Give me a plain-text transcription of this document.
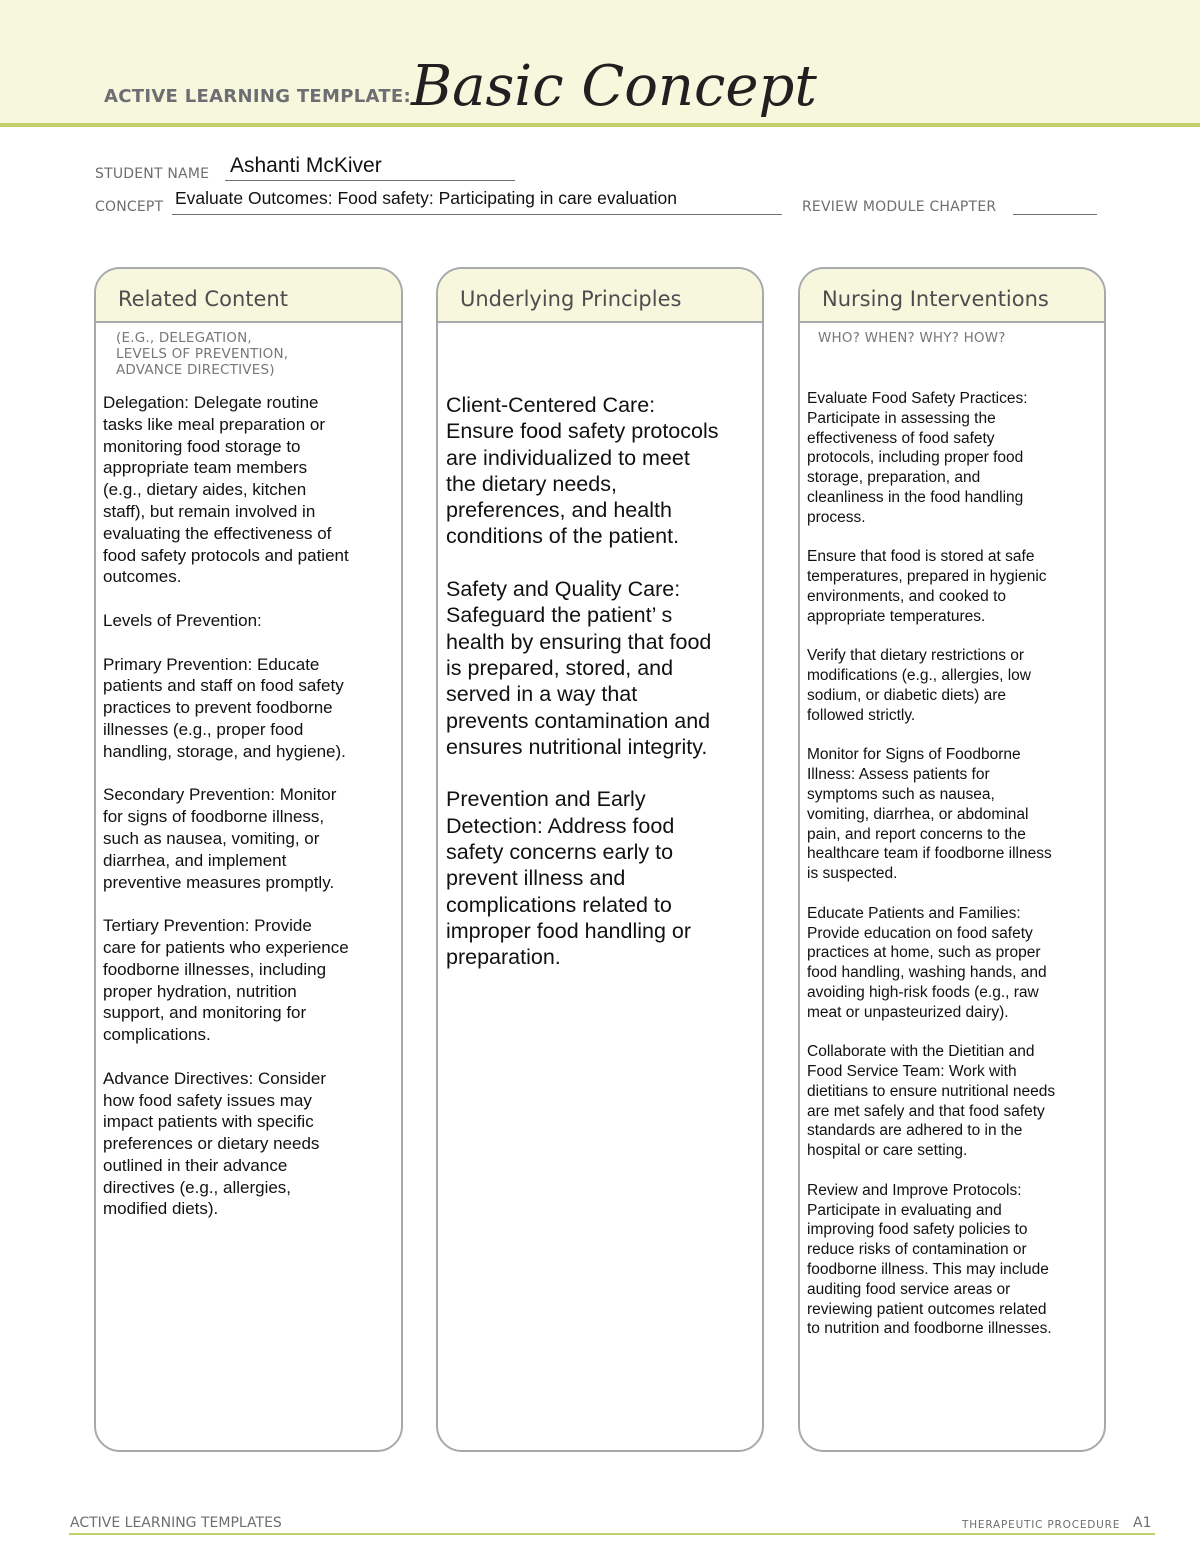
ACTIVE LEARNING TEMPLATE: Basic Concept
STUDENT NAME Ashanti McKiver
CONCEPT Evaluate Outcomes: Food safety: Participating in care evaluation	REVIEW MODULE CHAPTER
Related Content
(E.G., DELEGATION,
LEVELS OF PREVENTION,
ADVANCE DIRECTIVES)

Delegation: Delegate routine
tasks like meal preparation or
monitoring food storage to
appropriate team members
(e.g., dietary aides, kitchen
staff), but remain involved in
evaluating the effectiveness of
food safety protocols and patient
outcomes.

Levels of Prevention:

Primary Prevention: Educate
patients and staff on food safety
practices to prevent foodborne
illnesses (e.g., proper food
handling, storage, and hygiene).

Secondary Prevention: Monitor
for signs of foodborne illness,
such as nausea, vomiting, or
diarrhea, and implement
preventive measures promptly.

Tertiary Prevention: Provide
care for patients who experience
foodborne illnesses, including
proper hydration, nutrition
support, and monitoring for
complications.

Advance Directives: Consider
how food safety issues may
impact patients with specific
preferences or dietary needs
outlined in their advance
directives (e.g., allergies,
modified diets).

Underlying Principles

Client-Centered Care:
Ensure food safety protocols
are individualized to meet
the dietary needs,
preferences, and health
conditions of the patient.

Safety and Quality Care:
Safeguard the patient’ s
health by ensuring that food
is prepared, stored, and
served in a way that
prevents contamination and
ensures nutritional integrity.

Prevention and Early
Detection: Address food
safety concerns early to
prevent illness and
complications related to
improper food handling or
preparation.

Nursing Interventions
WHO? WHEN? WHY? HOW?

Evaluate Food Safety Practices:
Participate in assessing the
effectiveness of food safety
protocols, including proper food
storage, preparation, and
cleanliness in the food handling
process.

Ensure that food is stored at safe
temperatures, prepared in hygienic
environments, and cooked to
appropriate temperatures.

Verify that dietary restrictions or
modifications (e.g., allergies, low
sodium, or diabetic diets) are
followed strictly.

Monitor for Signs of Foodborne
Illness: Assess patients for
symptoms such as nausea,
vomiting, diarrhea, or abdominal
pain, and report concerns to the
healthcare team if foodborne illness
is suspected.

Educate Patients and Families:
Provide education on food safety
practices at home, such as proper
food handling, washing hands, and
avoiding high-risk foods (e.g., raw
meat or unpasteurized dairy).

Collaborate with the Dietitian and
Food Service Team: Work with
dietitians to ensure nutritional needs
are met safely and that food safety
standards are adhered to in the
hospital or care setting.

Review and Improve Protocols:
Participate in evaluating and
improving food safety policies to
reduce risks of contamination or
foodborne illness. This may include
auditing food service areas or
reviewing patient outcomes related
to nutrition and foodborne illnesses.

ACTIVE LEARNING TEMPLATES	THERAPEUTIC PROCEDURE A1
